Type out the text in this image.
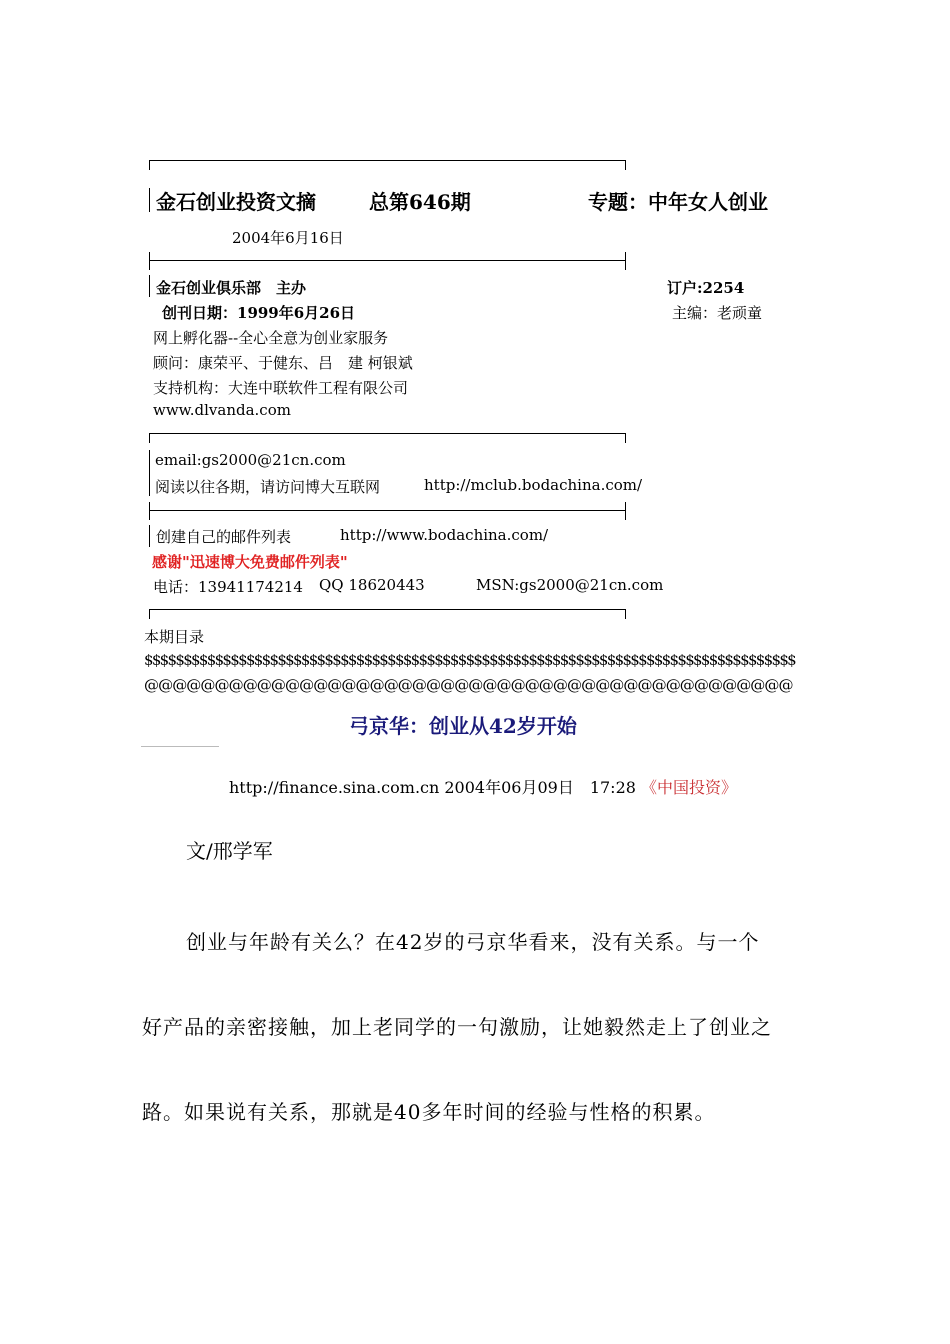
金石创业投资文摘	总第646期	专题：中年女人创业
2004年6月16日
金石创业俱乐部　主办	订户:2254
创刊日期：1999年6月26日	主编：老顽童
网上孵化器--全心全意为创业家服务
顾问：康荣平、于健东、吕　建 柯银斌
支持机构：大连中联软件工程有限公司
www.dlvanda.com
email:gs2000@21cn.com
阅读以往各期，请访问博大互联网	http://mclub.bodachina.com/
创建自己的邮件列表	http://www.bodachina.com/
感谢"迅速博大免费邮件列表"
电话：13941174214 QQ 18620443	MSN:gs2000@21cn.com
本期目录
$$$$$$$$$$$$$$$$$$$$$$$$$$$$$$$$$$$$$$$$$$$$$$$$$$$$$$$$$$$$$$$$$$$$$$$$$$$$$$$$$$$
@@@@@@@@@@@@@@@@@@@@@@@@@@@@@@@@@@@@@@@@@@@@@@
弓京华：创业从42岁开始
http://finance.sina.com.cn 2004年06月09日　17:28 《中国投资》
文/邢学军
创业与年龄有关么？在42岁的弓京华看来，没有关系。与一个
好产品的亲密接触，加上老同学的一句激励，让她毅然走上了创业之
路。如果说有关系，那就是40多年时间的经验与性格的积累。
